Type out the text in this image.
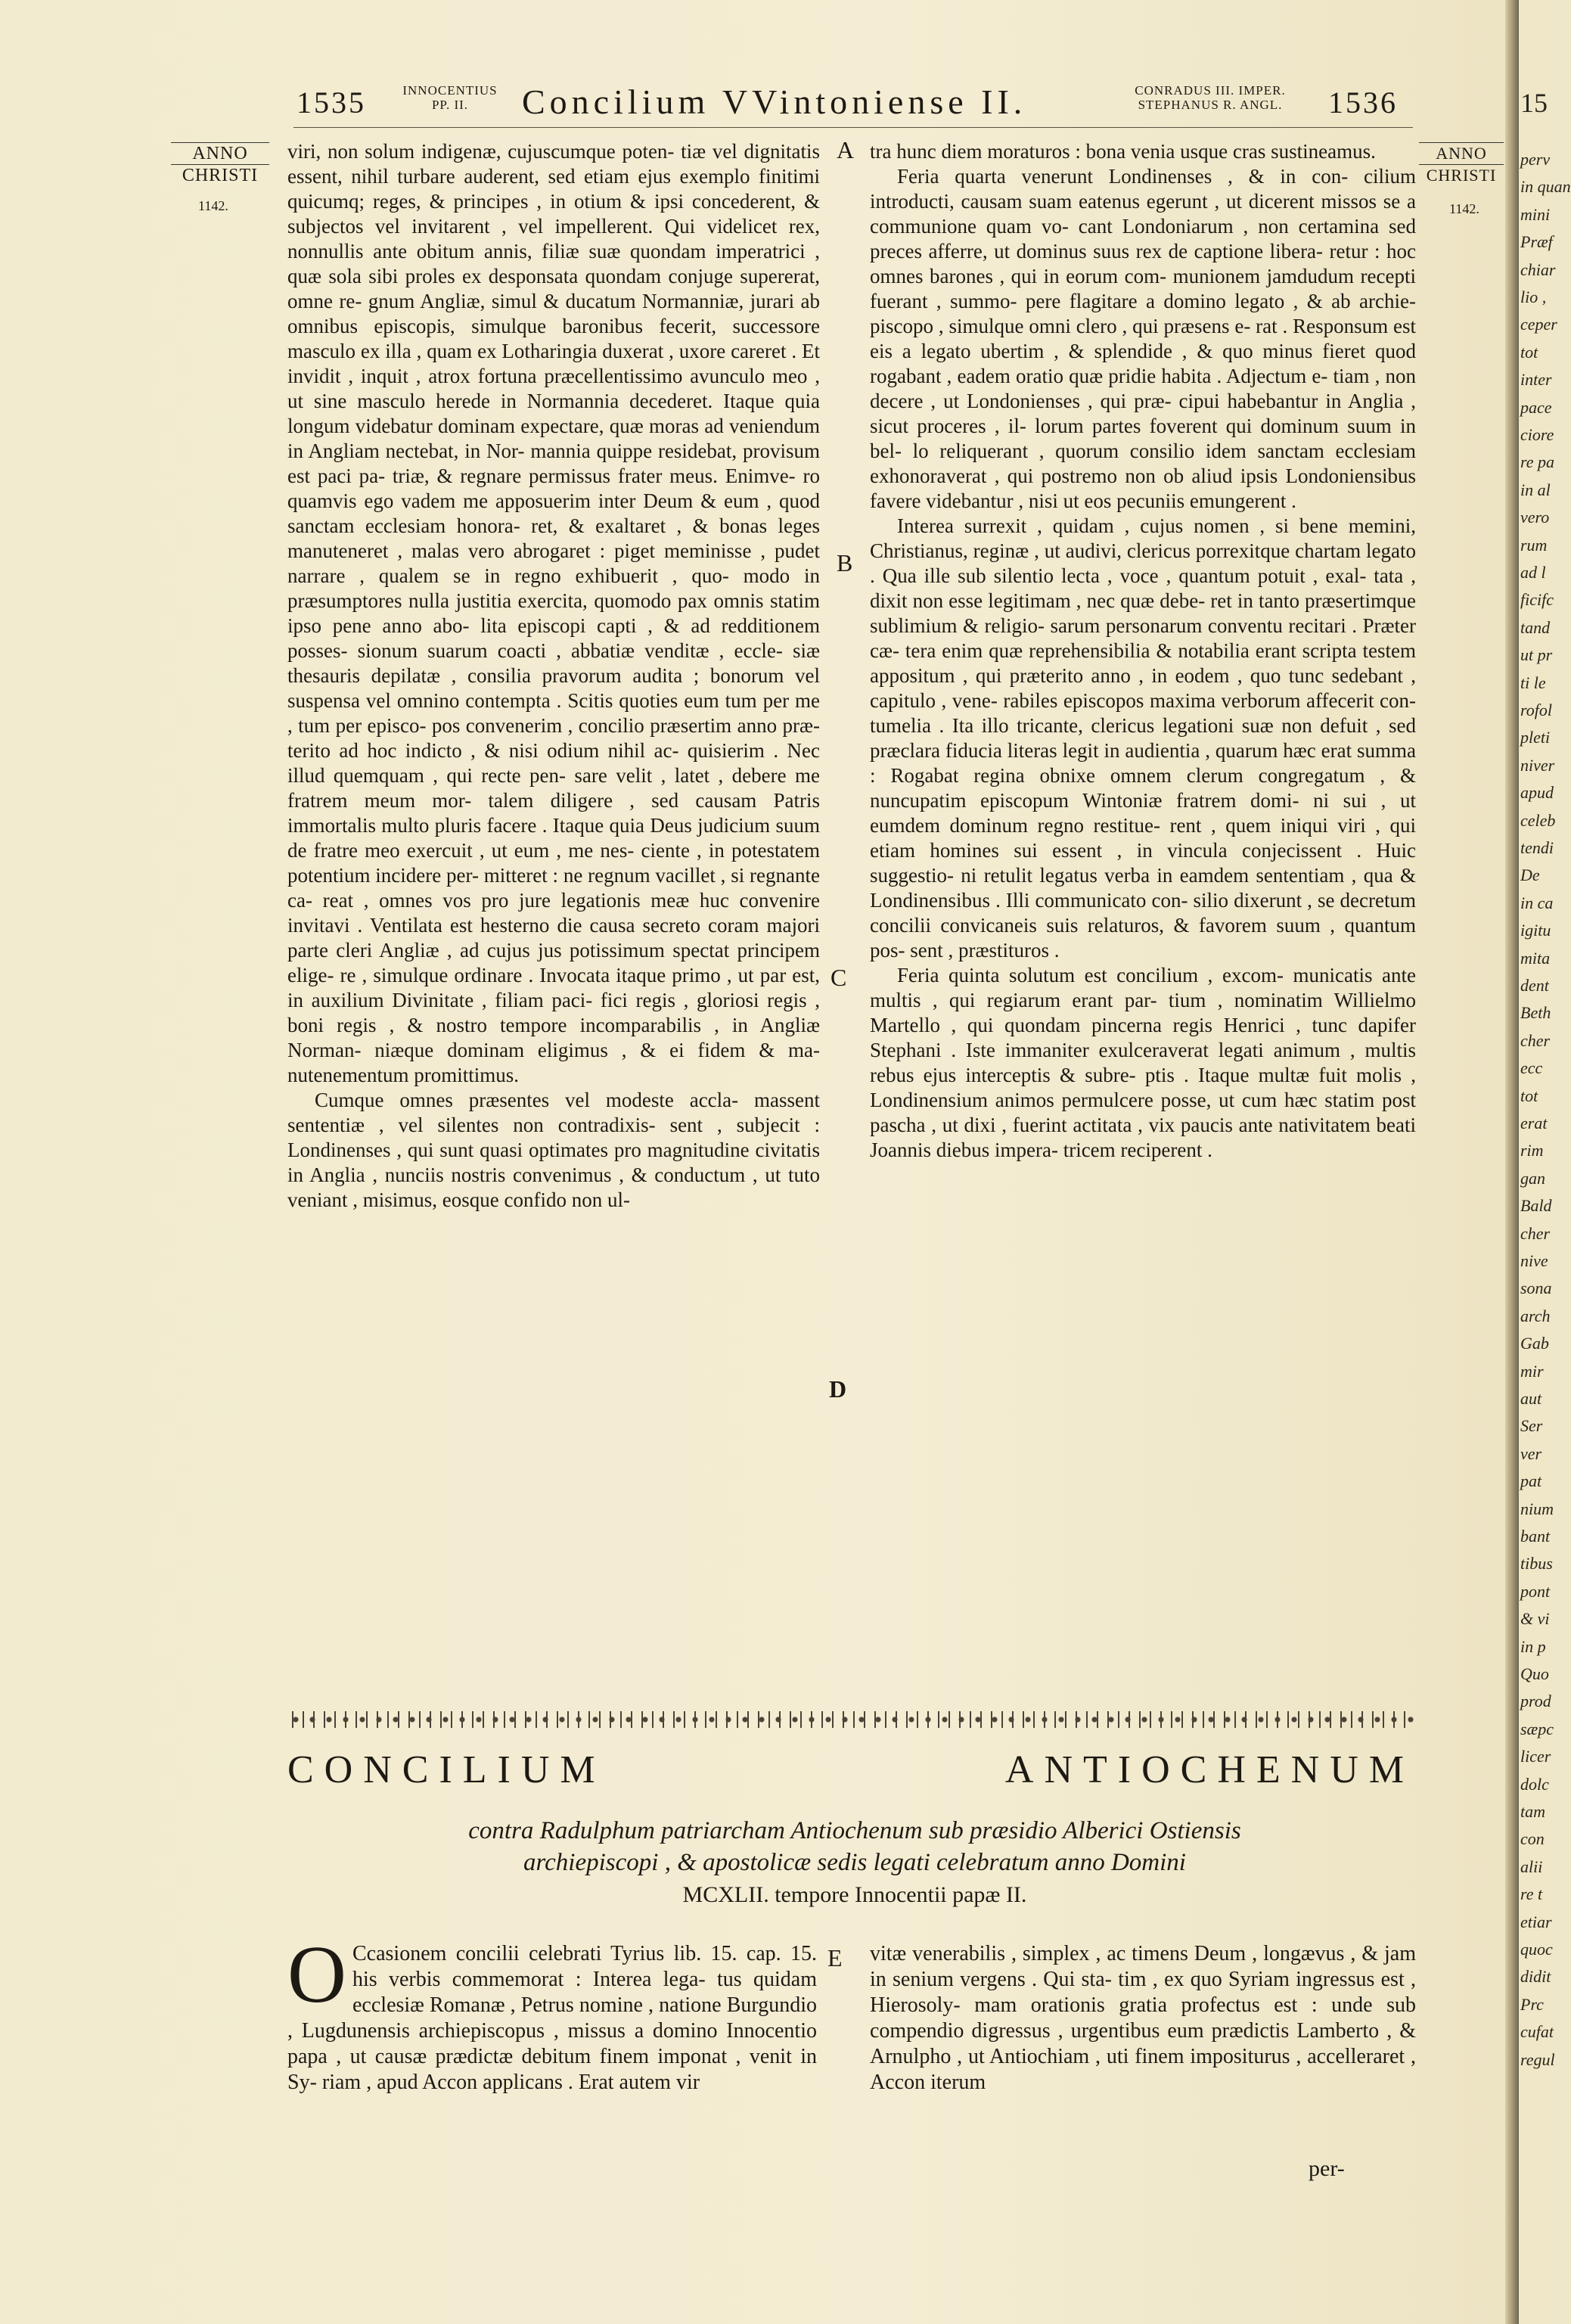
1535	INNOCENTIUS
PP. II.	Concilium VVintoniense II.	CONRADUS III. IMPER.
STEPHANUS R. ANGL.	1536
ANNO
CHRISTI
1142.
ANNO
CHRISTI
1142.
A
B
C
D
E

viri, non solum indigenæ, cujuscumque poten- tiæ vel dignitatis essent, nihil turbare auderent, sed etiam ejus exemplo finitimi quicumq; reges, & principes , in otium & ipsi concederent, & subjectos vel invitarent , vel impellerent. Qui videlicet rex, nonnullis ante obitum annis, filiæ suæ quondam imperatrici , quæ sola sibi proles ex desponsata quondam conjuge supererat, omne re- gnum Angliæ, simul & ducatum Normanniæ, jurari ab omnibus episcopis, simulque baronibus fecerit, successore masculo ex illa , quam ex Lotharingia duxerat , uxore careret . Et invidit , inquit , atrox fortuna præcellentissimo avunculo meo , ut sine masculo herede in Normannia decederet. Itaque quia longum videbatur dominam expectare, quæ moras ad veniendum in Angliam nectebat, in Nor- mannia quippe residebat, provisum est paci pa- triæ, & regnare permissus frater meus. Enimve- ro quamvis ego vadem me apposuerim inter Deum & eum , quod sanctam ecclesiam honora- ret, & exaltaret , & bonas leges manuteneret , malas vero abrogaret : piget meminisse , pudet narrare , qualem se in regno exhibuerit , quo- modo in præsumptores nulla justitia exercita, quomodo pax omnis statim ipso pene anno abo- lita episcopi capti , & ad redditionem posses- sionum suarum coacti , abbatiæ venditæ , eccle- siæ thesauris depilatæ , consilia pravorum audita ; bonorum vel suspensa vel omnino contempta . Scitis quoties eum tum per me , tum per episco- pos convenerim , concilio præsertim anno præ- terito ad hoc indicto , & nisi odium nihil ac- quisierim . Nec illud quemquam , qui recte pen- sare velit , latet , debere me fratrem meum mor- talem diligere , sed causam Patris immortalis multo pluris facere . Itaque quia Deus judicium suum de fratre meo exercuit , ut eum , me nes- ciente , in potestatem potentium incidere per- mitteret : ne regnum vacillet , si regnante ca- reat , omnes vos pro jure legationis meæ huc convenire invitavi . Ventilata est hesterno die causa secreto coram majori parte cleri Angliæ , ad cujus jus potissimum spectat principem elige- re , simulque ordinare . Invocata itaque primo , ut par est, in auxilium Divinitate , filiam paci- fici regis , gloriosi regis , boni regis , & nostro tempore incomparabilis , in Angliæ Norman- niæque dominam eligimus , & ei fidem & ma- nutenementum promittimus.

Cumque omnes præsentes vel modeste accla- massent sententiæ , vel silentes non contradixis- sent , subjecit : Londinenses , qui sunt quasi optimates pro magnitudine civitatis in Anglia , nunciis nostris convenimus , & conductum , ut tuto veniant , misimus, eosque confido non ul-

tra hunc diem moraturos : bona venia usque cras sustineamus.

Feria quarta venerunt Londinenses , & in con- cilium introducti, causam suam eatenus egerunt , ut dicerent missos se a communione quam vo- cant Londoniarum , non certamina sed preces afferre, ut dominus suus rex de captione libera- retur : hoc omnes barones , qui in eorum com- munionem jamdudum recepti fuerant , summo- pere flagitare a domino legato , & ab archie- piscopo , simulque omni clero , qui præsens e- rat . Responsum est eis a legato ubertim , & splendide , & quo minus fieret quod rogabant , eadem oratio quæ pridie habita . Adjectum e- tiam , non decere , ut Londonienses , qui præ- cipui habebantur in Anglia , sicut proceres , il- lorum partes foverent qui dominum suum in bel- lo reliquerant , quorum consilio idem sanctam ecclesiam exhonoraverat , qui postremo non ob aliud ipsis Londoniensibus favere videbantur , nisi ut eos pecuniis emungerent .

Interea surrexit , quidam , cujus nomen , si bene memini, Christianus, reginæ , ut audivi, clericus porrexitque chartam legato . Qua ille sub silentio lecta , voce , quantum potuit , exal- tata , dixit non esse legitimam , nec quæ debe- ret in tanto præsertimque sublimium & religio- sarum personarum conventu recitari . Præter cæ- tera enim quæ reprehensibilia & notabilia erant scripta testem appositum , qui præterito anno , in eodem , quo tunc sedebant , capitulo , vene- rabiles episcopos maxima verborum affecerit con- tumelia . Ita illo tricante, clericus legationi suæ non defuit , sed præclara fiducia literas legit in audientia , quarum hæc erat summa : Rogabat regina obnixe omnem clerum congregatum , & nuncupatim episcopum Wintoniæ fratrem domi- ni sui , ut eumdem dominum regno restitue- rent , quem iniqui viri , qui etiam homines sui essent , in vincula conjecissent . Huic suggestio- ni retulit legatus verba in eamdem sententiam , qua & Londinensibus . Illi communicato con- silio dixerunt , se decretum concilii convicaneis suis relaturos, & favorem suum , quantum pos- sent , præstituros .

Feria quinta solutum est concilium , excom- municatis ante multis , qui regiarum erant par- tium , nominatim Willielmo Martello , qui quondam pincerna regis Henrici , tunc dapifer Stephani . Iste immaniter exulceraverat legati animum , multis rebus ejus interceptis & subre- ptis . Itaque multæ fuit molis , Londinensium animos permulcere posse, ut cum hæc statim post pascha , ut dixi , fuerint actitata , vix paucis ante nativitatem beati Joannis diebus impera- tricem reciperent .

CONCILIUM ANTIOCHENUM
contra Radulphum patriarcham Antiochenum sub præsidio Alberici Ostiensis
archiepiscopi , & apostolicæ sedis legati celebratum anno Domini
MCXLII. tempore Innocentii papæ II.
O Ccasionem concilii celebrati Tyrius lib. 15. cap. 15. his verbis commemorat : Interea lega- tus quidam ecclesiæ Romanæ , Petrus nomine , natione Burgundio , Lugdunensis archiepiscopus , missus a domino Innocentio papa , ut causæ prædictæ debitum finem imponat , venit in Sy- riam , apud Accon applicans . Erat autem vir
vitæ venerabilis , simplex , ac timens Deum , longævus , & jam in senium vergens . Qui sta- tim , ex quo Syriam ingressus est , Hierosoly- mam orationis gratia profectus est : unde sub compendio digressus , urgentibus eum prædictis Lamberto , & Arnulpho , ut Antiochiam , uti finem impositurus , accelleraret , Accon iterum
per-
15
perv
in quan
mini
Præf
chiar
lio ,
ceper
tot
inter
pace
ciore
re pa
in al
vero
rum
ad l
ficifc
tand
ut pr
ti le
rofol
pleti
niver
apud
celeb
tendi
De
in ca
igitu
mita
dent
Beth
cher
ecc
tot
erat
rim
gan
Bald
cher
nive
sona
arch
Gab
mir
aut
Ser
ver
pat
nium
bant
tibus
pont
& vi
in p
Quo
prod
sæpc
licer
dolc
tam
con
alii
re t
etiar
quoc
didit
Prc
cufat
regul
